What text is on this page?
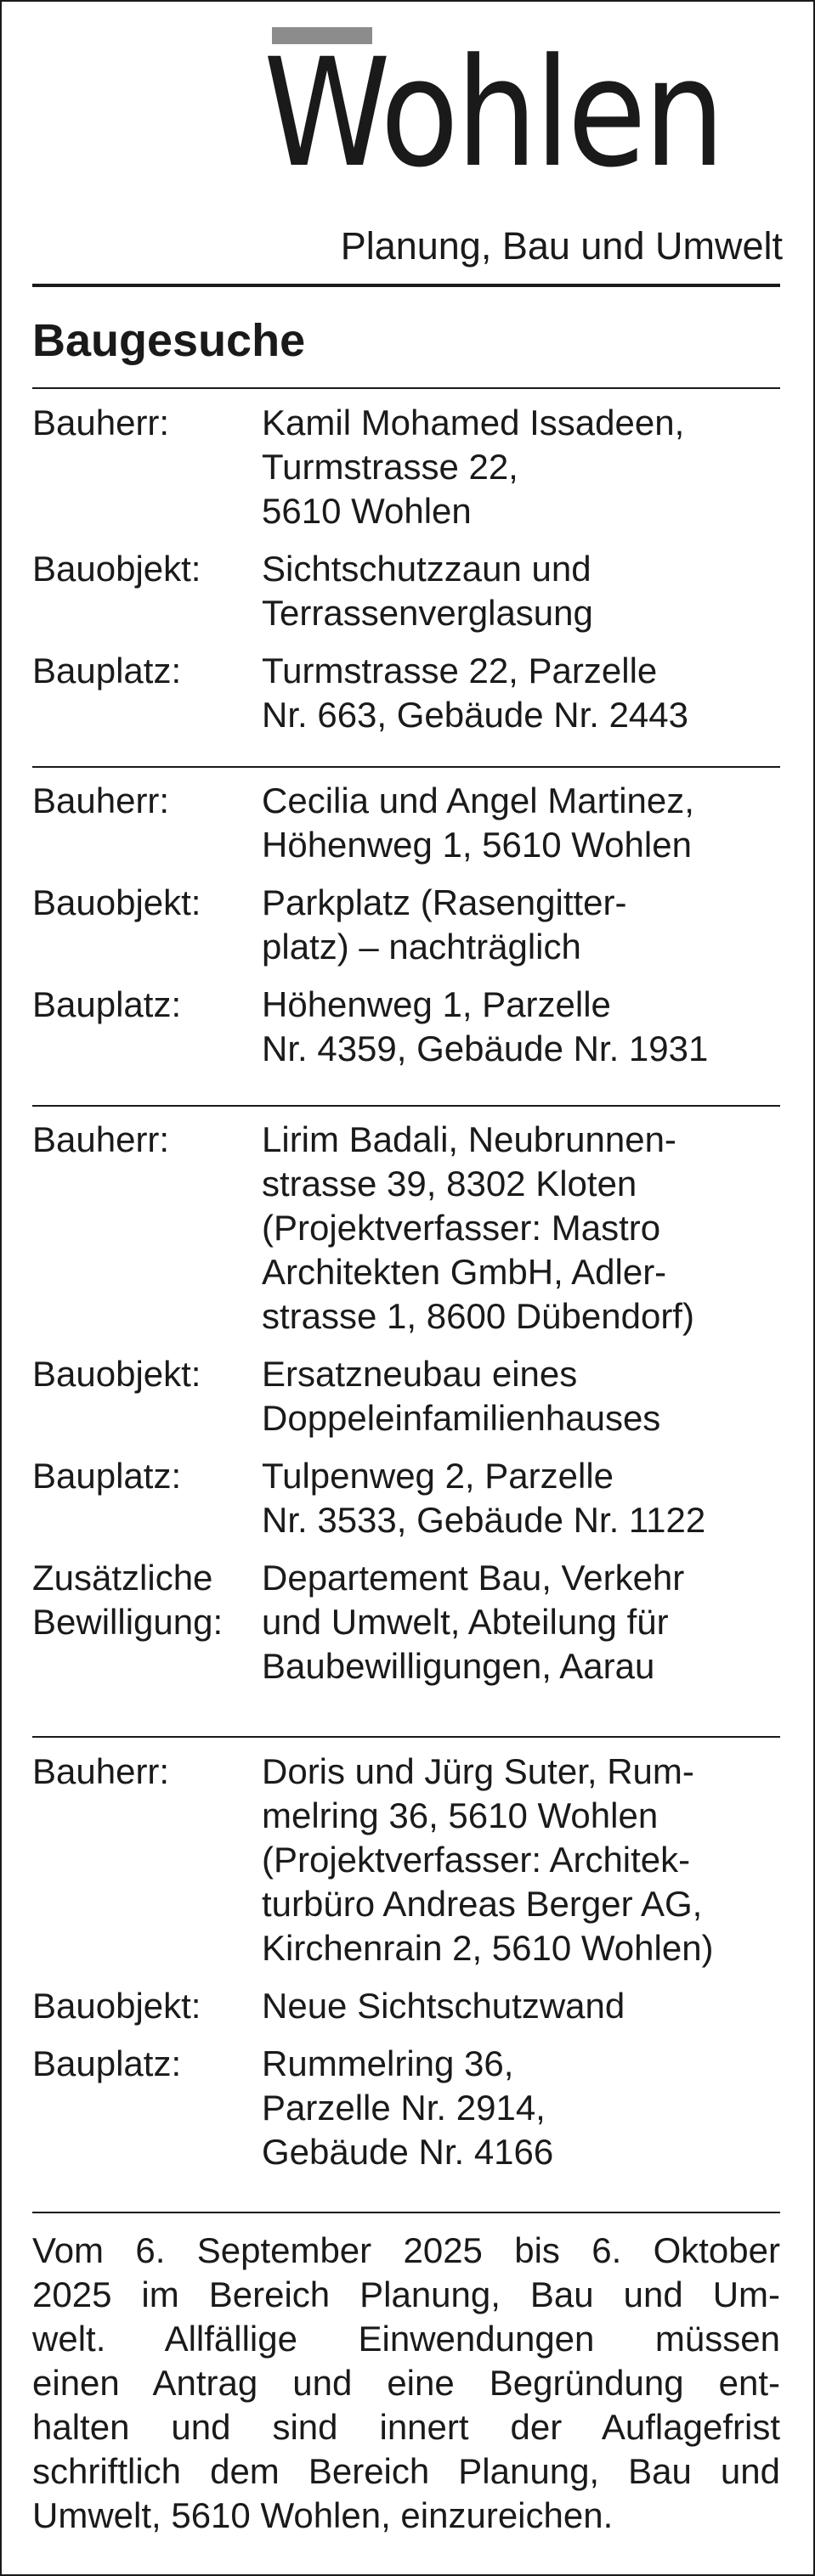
Wohlen
Planung, Bau und Umwelt
Baugesuche
Bauherr:	Kamil Mohamed Issadeen,
Turmstrasse 22,
5610 Wohlen
Bauobjekt: Sichtschutzzaun und
Terrassenverglasung
Bauplatz: Turmstrasse 22, Parzelle
Nr. 663, Gebäude Nr. 2443
Bauherr:	Cecilia und Angel Martinez,
Höhenweg 1, 5610 Wohlen
Bauobjekt: Parkplatz (Rasengitter-
platz) – nachträglich
Bauplatz: Höhenweg 1, Parzelle
Nr. 4359, Gebäude Nr. 1931
Bauherr:	Lirim Badali, Neubrunnen-
strasse 39, 8302 Kloten
(Projektverfasser: Mastro
Architekten GmbH, Adler-
strasse 1, 8600 Dübendorf)
Bauobjekt: Ersatzneubau eines
Doppeleinfamilienhauses
Bauplatz: Tulpenweg 2, Parzelle
Nr. 3533, Gebäude Nr. 1122
Zusätzliche
Bewilligung:
Departement Bau, Verkehr
und Umwelt, Abteilung für
Baubewilligungen, Aarau
Bauherr:	Doris und Jürg Suter, Rum-
melring 36, 5610 Wohlen
(Projektverfasser: Architek-
turbüro Andreas Berger AG,
Kirchenrain 2, 5610 Wohlen)
Bauobjekt: Neue Sichtschutzwand
Bauplatz: Rummelring 36,
Parzelle Nr. 2914,
Gebäude Nr. 4166
Vom 6. September 2025 bis 6. Oktober
2025 im Bereich Planung, Bau und Um-
welt. Allfällige Einwendungen müssen
einen Antrag und eine Begründung ent-
halten und sind innert der Auflagefrist
schriftlich dem Bereich Planung, Bau und
Umwelt, 5610 Wohlen, einzureichen.
